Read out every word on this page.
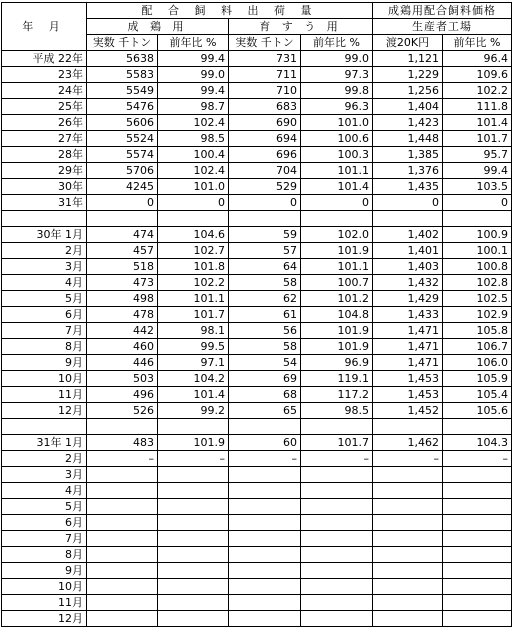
年 月	配 合 飼 料 出 荷 量				成鶏用配合飼料価格	
	成 鶏 用		育 す う 用		生産者工場	
	実数 千トン	前年比 %	実数 千トン	前年比 %	渡20K円	前年比 %
平成 22年	5638	99.4	731	99.0	1,121	96.4
23年	5583	99.0	711	97.3	1,229	109.6
24年	5549	99.4	710	99.8	1,256	102.2
25年	5476	98.7	683	96.3	1,404	111.8
26年	5606	102.4	690	101.0	1,423	101.4
27年	5524	98.5	694	100.6	1,448	101.7
28年	5574	100.4	696	100.3	1,385	95.7
29年	5706	102.4	704	101.1	1,376	99.4
30年	4245	101.0	529	101.4	1,435	103.5
31年	0	0	0	0	0	0

30年 1月	474	104.6	59	102.0	1,402	100.9
2月	457	102.7	57	101.9	1,401	100.1
3月	518	101.8	64	101.1	1,403	100.8
4月	473	102.2	58	100.7	1,432	102.8
5月	498	101.1	62	101.2	1,429	102.5
6月	478	101.7	61	104.8	1,433	102.9
7月	442	98.1	56	101.9	1,471	105.8
8月	460	99.5	58	101.9	1,471	106.7
9月	446	97.1	54	96.9	1,471	106.0
10月	503	104.2	69	119.1	1,453	105.9
11月	496	101.4	68	117.2	1,453	105.4
12月	526	99.2	65	98.5	1,452	105.6

31年 1月	483	101.9	60	101.7	1,462	104.3
2月	–	–	–	–	–	–
3月						
4月						
5月						
6月						
7月						
8月						
9月						
10月						
11月						
12月						
